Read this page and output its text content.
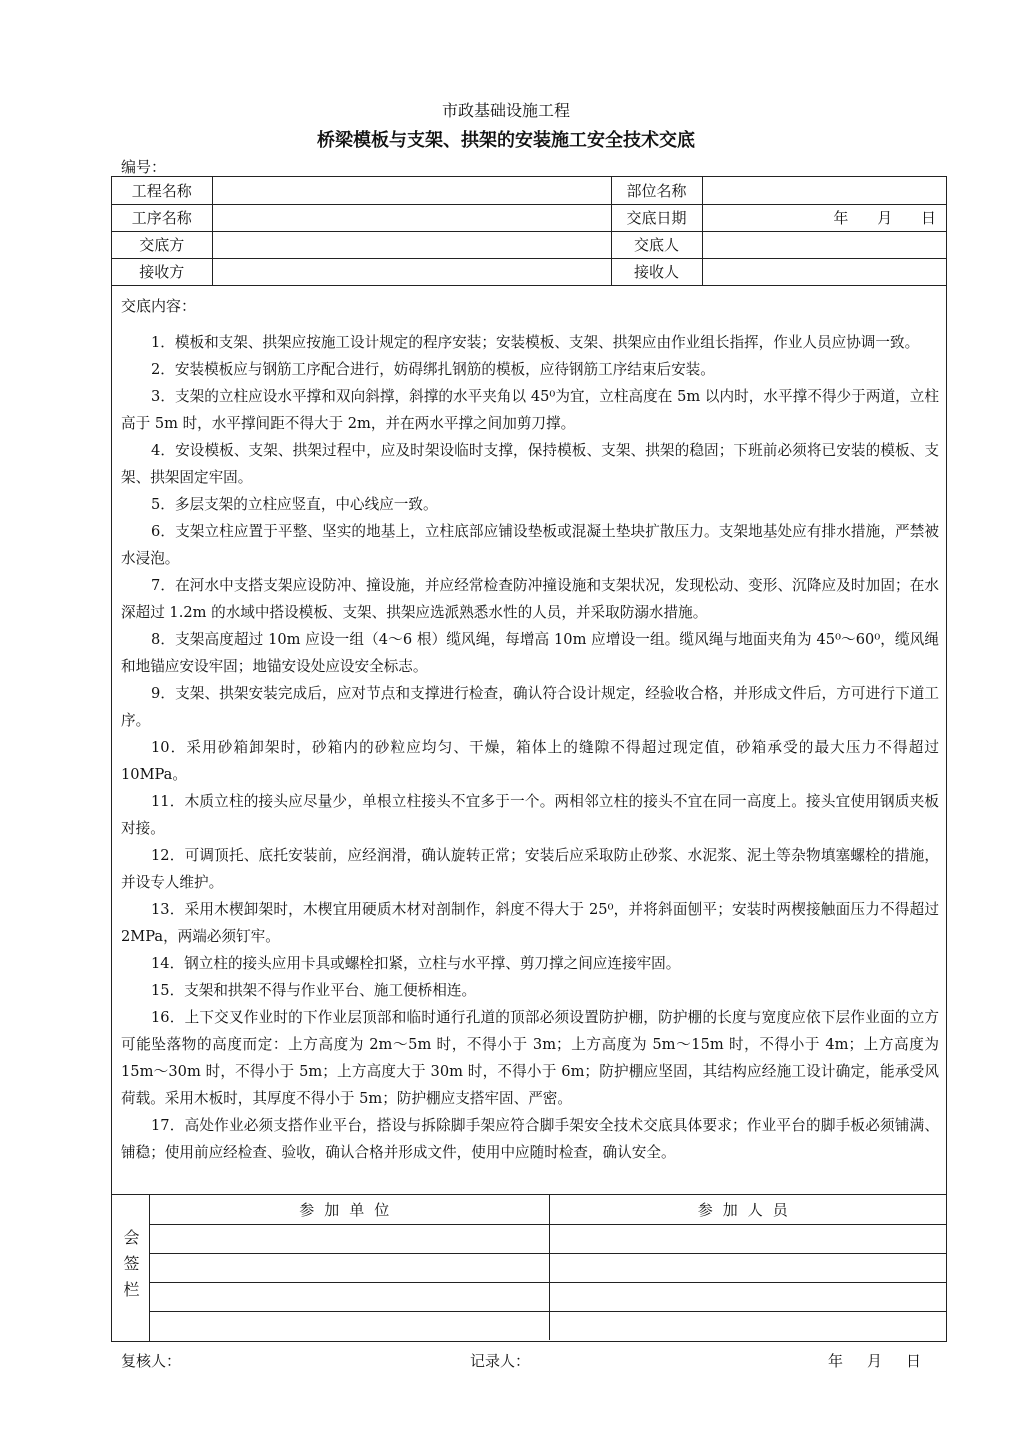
市政基础设施工程
桥梁模板与支架、拱架的安装施工安全技术交底
编号：
工程名称		部位名称	
工序名称		交底日期	年 月 日
交底方		交底人	
接收方		接收人	
交底内容：
1．模板和支架、拱架应按施工设计规定的程序安装；安装模板、支架、拱架应由作业组长指挥，作业人员应协调一致。
2．安装模板应与钢筋工序配合进行，妨碍绑扎钢筋的模板，应待钢筋工序结束后安装。
3．支架的立柱应设水平撑和双向斜撑，斜撑的水平夹角以 45⁰为宜，立柱高度在 5m 以内时，水平撑不得少于两道，立柱高于 5m 时，水平撑间距不得大于 2m，并在两水平撑之间加剪刀撑。
4．安设模板、支架、拱架过程中，应及时架设临时支撑，保持模板、支架、拱架的稳固；下班前必须将已安装的模板、支架、拱架固定牢固。
5．多层支架的立柱应竖直，中心线应一致。
6．支架立柱应置于平整、坚实的地基上，立柱底部应铺设垫板或混凝土垫块扩散压力。支架地基处应有排水措施，严禁被水浸泡。
7．在河水中支搭支架应设防冲、撞设施，并应经常检查防冲撞设施和支架状况，发现松动、变形、沉降应及时加固；在水深超过 1.2m 的水域中搭设模板、支架、拱架应选派熟悉水性的人员，并采取防溺水措施。
8．支架高度超过 10m 应设一组（4～6 根）缆风绳，每增高 10m 应增设一组。缆风绳与地面夹角为 45⁰～60⁰，缆风绳和地锚应安设牢固；地锚安设处应设安全标志。
9．支架、拱架安装完成后，应对节点和支撑进行检查，确认符合设计规定，经验收合格，并形成文件后，方可进行下道工序。
10．采用砂箱卸架时，砂箱内的砂粒应均匀、干燥，箱体上的缝隙不得超过现定值，砂箱承受的最大压力不得超过 10MPa。
11．木质立柱的接头应尽量少，单根立柱接头不宜多于一个。两相邻立柱的接头不宜在同一高度上。接头宜使用钢质夹板对接。
12．可调顶托、底托安装前，应经润滑，确认旋转正常；安装后应采取防止砂浆、水泥浆、泥土等杂物填塞螺栓的措施，并设专人维护。
13．采用木楔卸架时，木楔宜用硬质木材对剖制作，斜度不得大于 25⁰，并将斜面刨平；安装时两楔接触面压力不得超过 2MPa，两端必须钉牢。
14．钢立柱的接头应用卡具或螺栓扣紧，立柱与水平撑、剪刀撑之间应连接牢固。
15．支架和拱架不得与作业平台、施工便桥相连。
16．上下交叉作业时的下作业层顶部和临时通行孔道的顶部必须设置防护棚，防护棚的长度与宽度应依下层作业面的立方可能坠落物的高度而定：上方高度为 2m～5m 时，不得小于 3m；上方高度为 5m～15m 时，不得小于 4m；上方高度为 15m～30m 时，不得小于 5m；上方高度大于 30m 时，不得小于 6m；防护棚应坚固，其结构应经施工设计确定，能承受风荷载。采用木板时，其厚度不得小于 5m；防护棚应支搭牢固、严密。
17．高处作业必须支搭作业平台，搭设与拆除脚手架应符合脚手架安全技术交底具体要求；作业平台的脚手板必须铺满、铺稳；使用前应经检查、验收，确认合格并形成文件，使用中应随时检查，确认安全。
会签栏
参加单位	参加人员

复核人：	记录人：	年 月 日
